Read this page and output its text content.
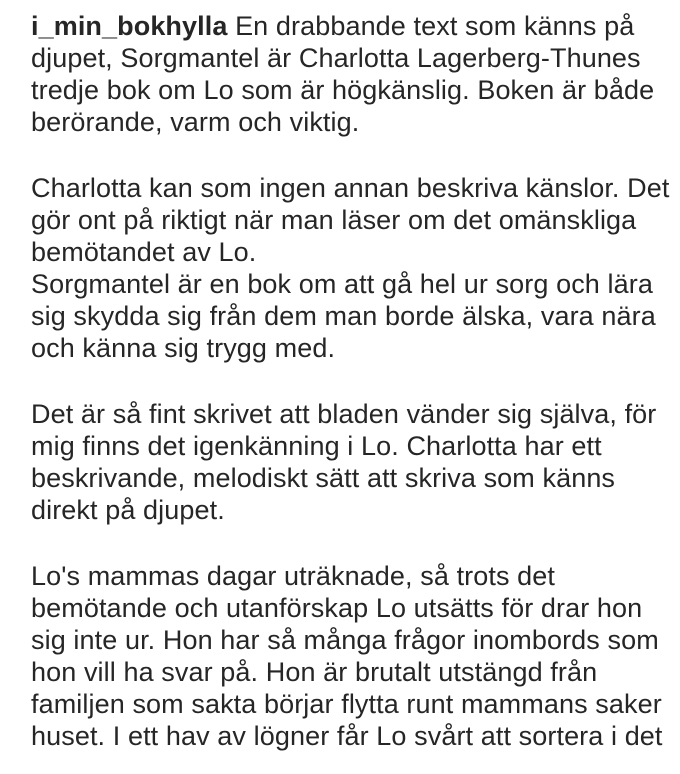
i_min_bokhylla En drabbande text som känns på
djupet, Sorgmantel är Charlotta Lagerberg-Thunes
tredje bok om Lo som är högkänslig. Boken är både
berörande, varm och viktig.
Charlotta kan som ingen annan beskriva känslor. Det
gör ont på riktigt när man läser om det omänskliga
bemötandet av Lo.
Sorgmantel är en bok om att gå hel ur sorg och lära
sig skydda sig från dem man borde älska, vara nära
och känna sig trygg med.
Det är så fint skrivet att bladen vänder sig själva, för
mig finns det igenkänning i Lo. Charlotta har ett
beskrivande, melodiskt sätt att skriva som känns
direkt på djupet.
Lo's mammas dagar uträknade, så trots det
bemötande och utanförskap Lo utsätts för drar hon
sig inte ur. Hon har så många frågor inombords som
hon vill ha svar på. Hon är brutalt utstängd från
familjen som sakta börjar flytta runt mammans saker
huset. I ett hav av lögner får Lo svårt att sortera i det
